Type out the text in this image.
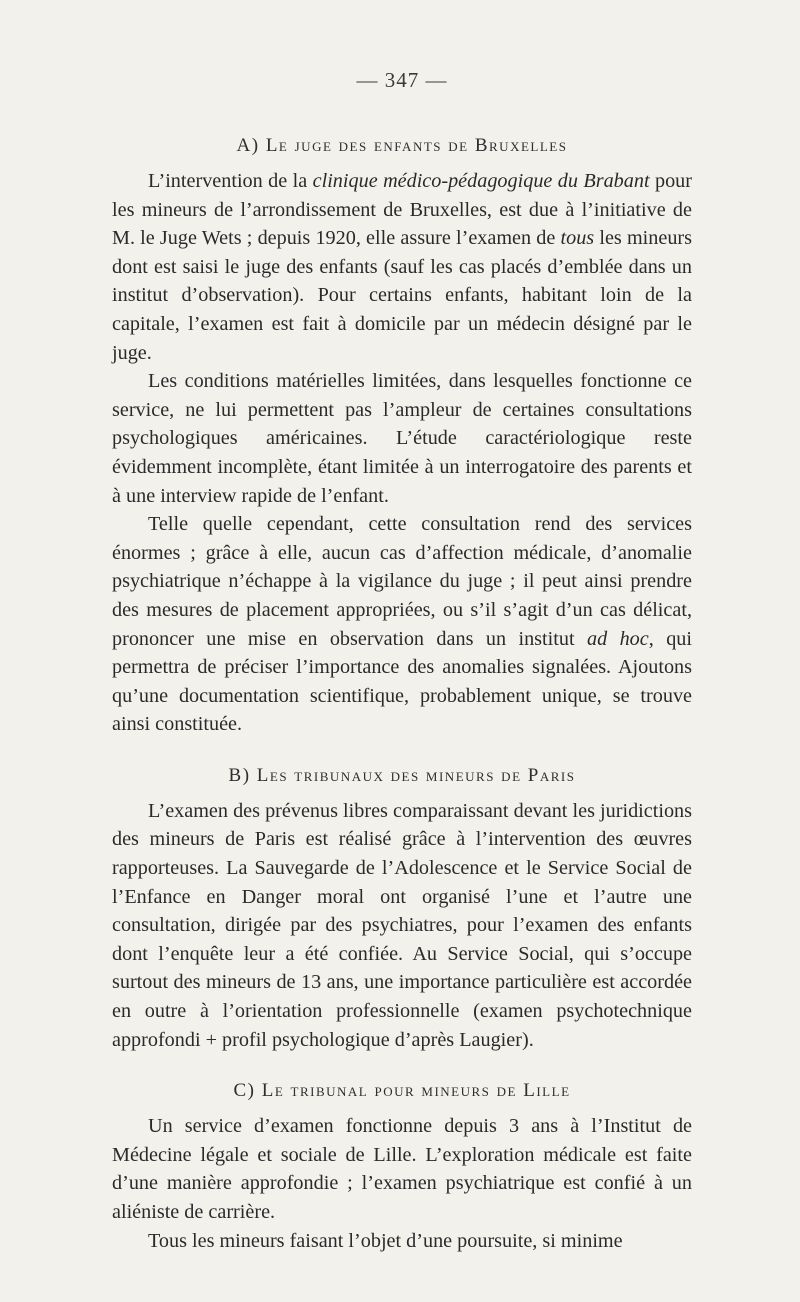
— 347 —
A) Le juge des enfants de Bruxelles

L’intervention de la clinique médico-pédagogique du Brabant pour les mineurs de l’arrondissement de Bruxelles, est due à l’initiative de M. le Juge Wets ; depuis 1920, elle assure l’examen de tous les mineurs dont est saisi le juge des enfants (sauf les cas placés d’emblée dans un institut d’observation). Pour certains enfants, habitant loin de la capitale, l’examen est fait à domicile par un médecin désigné par le juge.

Les conditions matérielles limitées, dans lesquelles fonctionne ce service, ne lui permettent pas l’ampleur de certaines consultations psychologiques américaines. L’étude caractériologique reste évidemment incomplète, étant limitée à un interrogatoire des parents et à une interview rapide de l’enfant.

Telle quelle cependant, cette consultation rend des services énormes ; grâce à elle, aucun cas d’affection médicale, d’anomalie psychiatrique n’échappe à la vigilance du juge ; il peut ainsi prendre des mesures de placement appropriées, ou s’il s’agit d’un cas délicat, prononcer une mise en observation dans un institut ad hoc, qui permettra de préciser l’importance des anomalies signalées. Ajoutons qu’une documentation scientifique, probablement unique, se trouve ainsi constituée.

B) Les tribunaux des mineurs de Paris

L’examen des prévenus libres comparaissant devant les juridictions des mineurs de Paris est réalisé grâce à l’intervention des œuvres rapporteuses. La Sauvegarde de l’Adolescence et le Service Social de l’Enfance en Danger moral ont organisé l’une et l’autre une consultation, dirigée par des psychiatres, pour l’examen des enfants dont l’enquête leur a été confiée. Au Service Social, qui s’occupe surtout des mineurs de 13 ans, une importance particulière est accordée en outre à l’orientation professionnelle (examen psychotechnique approfondi + profil psychologique d’après Laugier).

C) Le tribunal pour mineurs de Lille

Un service d’examen fonctionne depuis 3 ans à l’Institut de Médecine légale et sociale de Lille. L’exploration médicale est faite d’une manière approfondie ; l’examen psychiatrique est confié à un aliéniste de carrière.

Tous les mineurs faisant l’objet d’une poursuite, si minime
